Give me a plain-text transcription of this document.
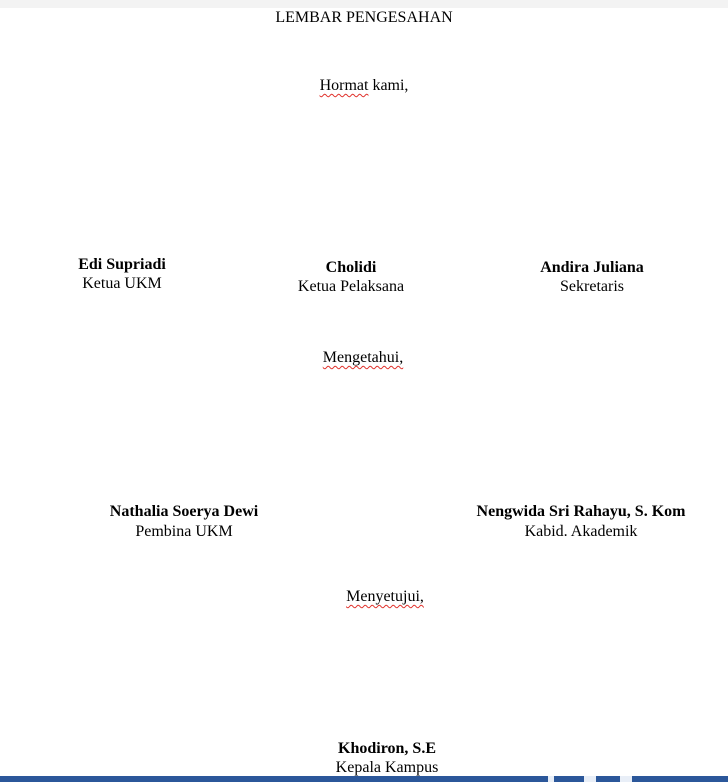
LEMBAR PENGESAHAN
Hormat kami,
Edi Supriadi
Ketua UKM
Cholidi
Ketua Pelaksana
Andira Juliana
Sekretaris
Mengetahui,
Nathalia Soerya Dewi
Pembina UKM
Nengwida Sri Rahayu, S. Kom
Kabid. Akademik
Menyetujui,
Khodiron, S.E
Kepala Kampus
